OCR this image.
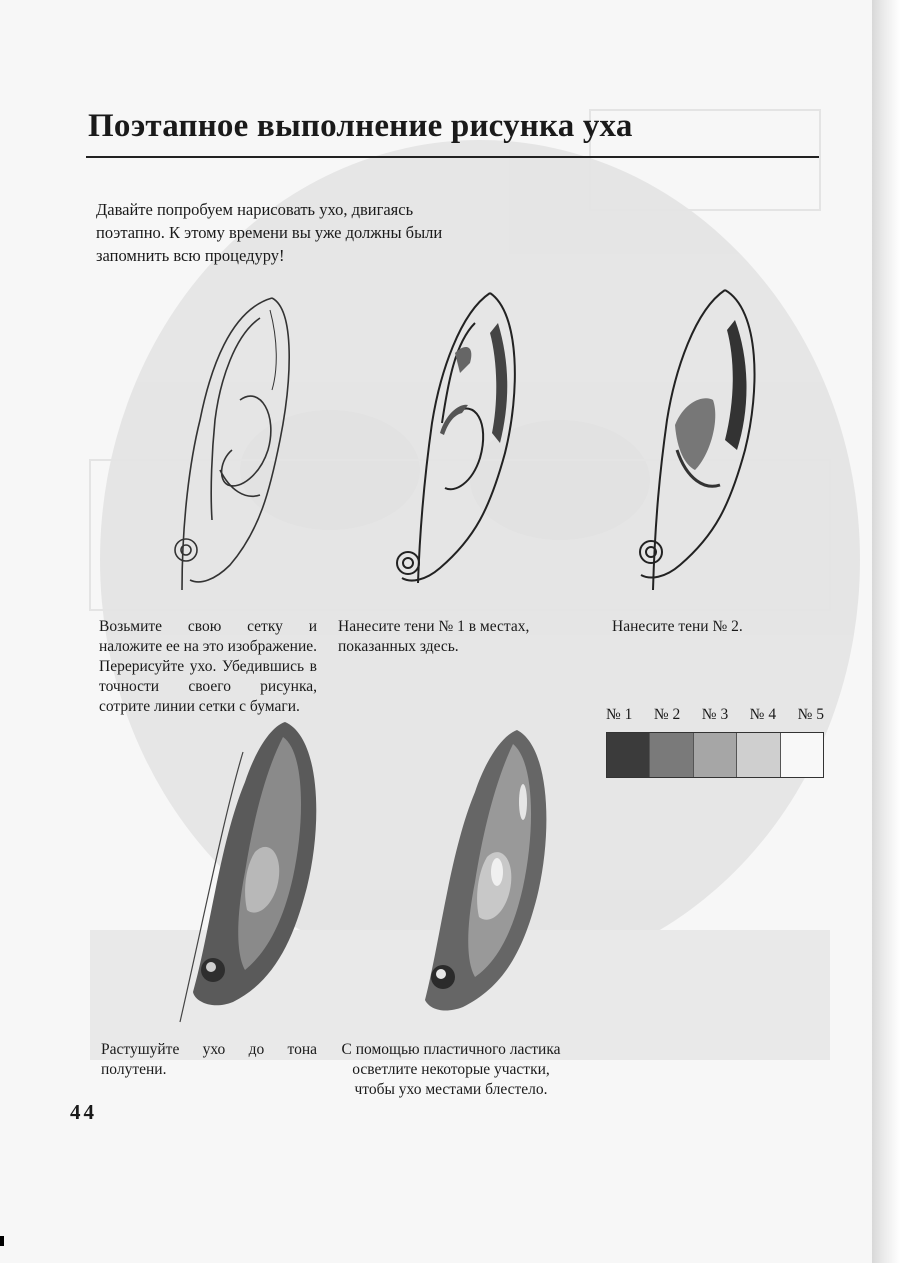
Поэтапное выполнение рисунка уха

Давайте попробуем нарисовать ухо, двигаясь поэтапно. К этому времени вы уже должны были запомнить всю процедуру!

Возьмите свою сетку и наложите ее на это изображение. Перерисуйте ухо. Убедившись в точности своего рисунка, сотрите линии сетки с бумаги.

Нанесите тени № 1 в местах, показанных здесь.

Нанесите тени № 2.

Растушуйте ухо до тона полутени.

С помощью пластичного ластика осветлите некоторые участки, чтобы ухо местами блестело.

№ 1 № 2 № 3 № 4 № 5
44
